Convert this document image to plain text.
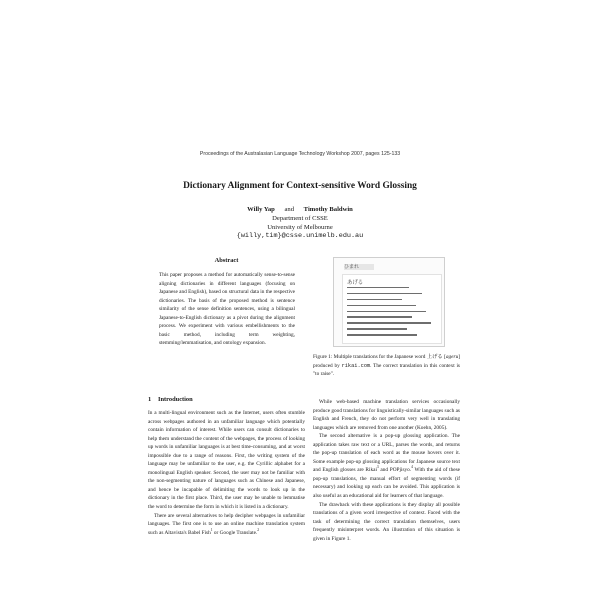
Proceedings of the Australasian Language Technology Workshop 2007, pages 125-133
Dictionary Alignment for Context-sensitive Word Glossing
Willy Yap and Timothy Baldwin
Department of CSSE
University of Melbourne
{willy,tim}@csse.unimelb.edu.au
Abstract
This paper proposes a method for automatically sense-to-sense aligning dictionaries in different languages (focusing on Japanese and English), based on structural data in the respective dictionaries. The basis of the proposed method is sentence similarity of the sense definition sentences, using a bilingual Japanese-to-English dictionary as a pivot during the alignment process. We experiment with various embellishments to the basic method, including term weighting, stemming/lemmatisation, and ontology expansion.
1 Introduction

In a multi-lingual environment such as the Internet, users often stumble across webpages authored in an unfamiliar language which potentially contain information of interest. While users can consult dictionaries to help them understand the content of the webpages, the process of looking up words in unfamiliar languages is at best time-consuming, and at worst impossible due to a range of reasons. First, the writing system of the language may be unfamiliar to the user, e.g. the Cyrillic alphabet for a monolingual English speaker. Second, the user may not be familiar with the non-segmenting nature of languages such as Chinese and Japanese, and hence be incapable of delimiting the words to look up in the dictionary in the first place. Third, the user may be unable to lemmatise the word to determine the form in which it is listed in a dictionary.

There are several alternatives to help decipher webpages in unfamiliar languages. The first one is to use an online machine translation system such as Altavista's Babel Fish$^1$ or Google Translate.$^2$

ひまれ
あげる
Figure 1: Multiple translations for the Japanese word 上げる [ageru] produced by rikai.com. The correct translation in this context is "to raise".

While web-based machine translation services occasionally produce good translations for linguistically-similar languages such as English and French, they do not perform very well in translating languages which are removed from one another (Koehn, 2005).

The second alternative is a pop-up glossing application. The application takes raw text or a URL, parses the words, and returns the pop-up translation of each word as the mouse hovers over it. Some example pop-up glossing applications for Japanese source text and English glosses are Rikai$^3$ and POPjisyo.$^4$ With the aid of these pop-up translations, the manual effort of segmenting words (if necessary) and looking up each can be avoided. This application is also useful as an educational aid for learners of that language.

The drawback with these applications is they display all possible translations of a given word irrespective of context. Faced with the task of determining the correct translation themselves, users frequently misinterpret words. An illustration of this situation is given in Figure 1.
